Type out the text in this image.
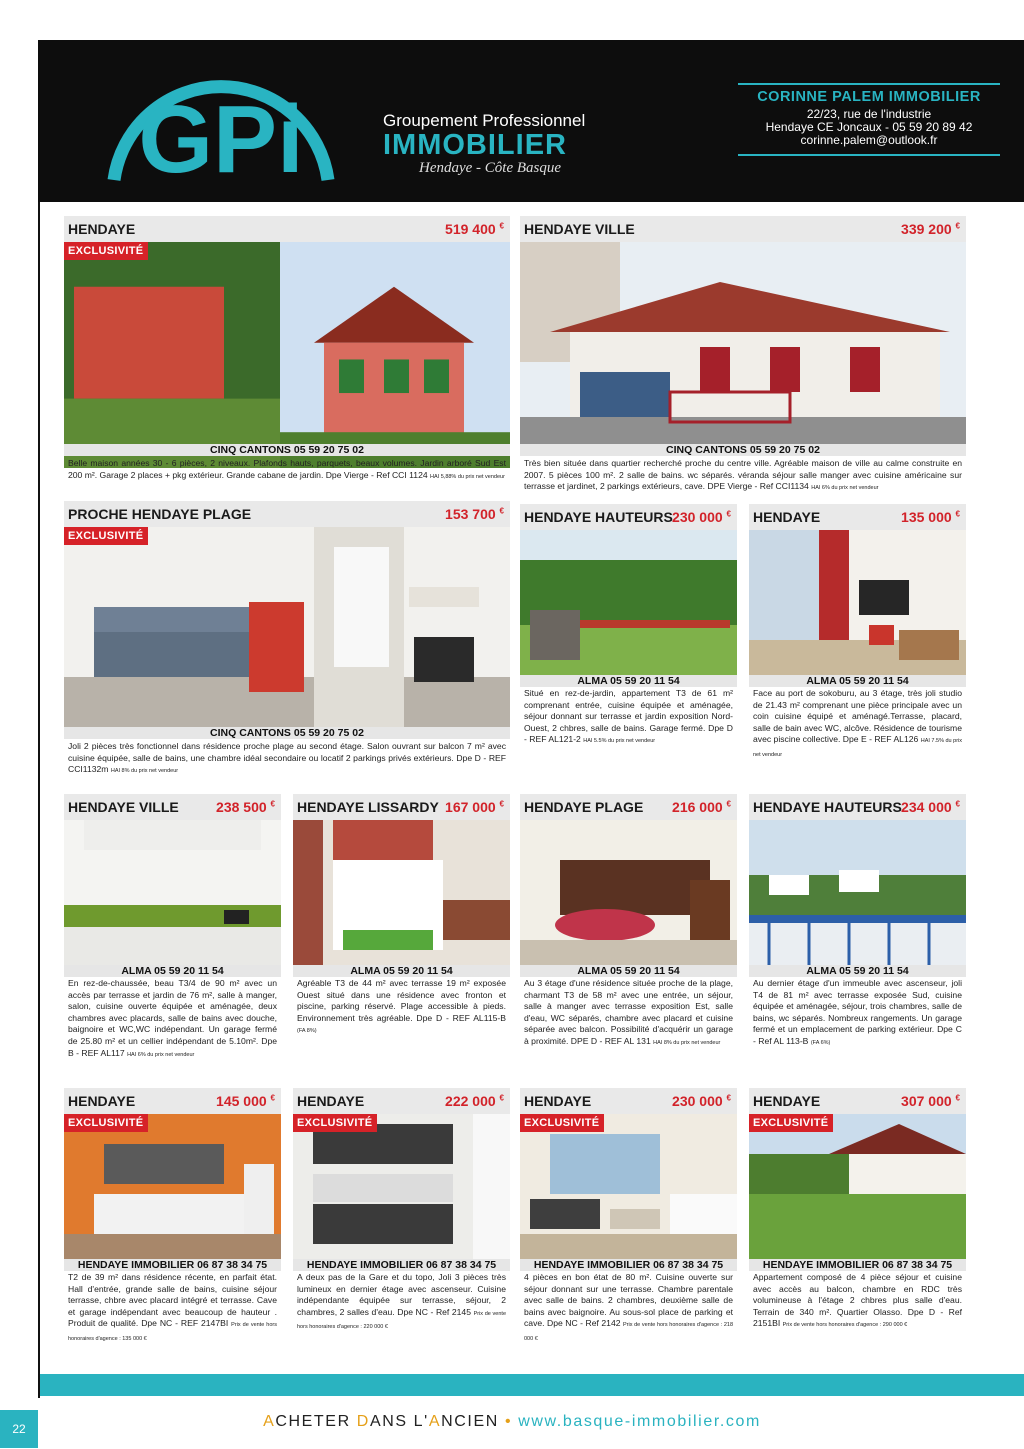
GPi	Groupement Professionnel
IMMOBILIER
Hendaye - Côte Basque
CORINNE PALEM IMMOBILIER
22/23, rue de l'industrie
Hendaye CE Joncaux - 05 59 20 89 42
corinne.palem@outlook.fr
HENDAYE	519 400 €
EXCLUSIVITÉ
CINQ CANTONS 05 59 20 75 02
Belle maison années 30 - 6 pièces, 2 niveaux. Plafonds hauts, parquets, beaux volumes. Jardin arboré Sud Est 200 m². Garage 2 places + pkg extérieur. Grande cabane de jardin. Dpe Vierge - Ref CCI 1124 HAI 5,88% du prix net vendeur
HENDAYE VILLE	339 200 €
CINQ CANTONS 05 59 20 75 02
Très bien située dans quartier recherché proche du centre ville. Agréable maison de ville au calme construite en 2007. 5 pièces 100 m². 2 salle de bains. wc séparés. véranda séjour salle manger avec cuisine américaine sur terrasse et jardinet, 2 parkings extérieurs, cave. DPE Vierge - Ref CCI1134 HAI 6% du prix net vendeur
PROCHE HENDAYE PLAGE	153 700 €
EXCLUSIVITÉ
CINQ CANTONS 05 59 20 75 02
Joli 2 pièces très fonctionnel dans résidence proche plage au second étage. Salon ouvrant sur balcon 7 m² avec cuisine équipée, salle de bains, une chambre idéal secondaire ou locatif 2 parkings privés extérieurs. Dpe D - REF CCI1132m HAI 8% du prix net vendeur
HENDAYE HAUTEURS 230 000 €
ALMA 05 59 20 11 54
Situé en rez-de-jardin, appartement T3 de 61 m² comprenant entrée, cuisine équipée et aménagée, séjour donnant sur terrasse et jardin exposition Nord-Ouest, 2 chbres, salle de bains. Garage fermé. Dpe D - REF AL121-2 HAI 5.5% du prix net vendeur
HENDAYE	135 000 €
ALMA 05 59 20 11 54
Face au port de sokoburu, au 3 étage, très joli studio de 21.43 m² comprenant une pièce principale avec un coin cuisine équipé et aménagé.Terrasse, placard, salle de bain avec WC, alcôve. Résidence de tourisme avec piscine collective. Dpe E - REF AL126 HAI 7.5% du prix net vendeur
HENDAYE VILLE	238 500 €
ALMA 05 59 20 11 54
En rez-de-chaussée, beau T3/4 de 90 m² avec un accès par terrasse et jardin de 76 m², salle à manger, salon, cuisine ouverte équipée et aménagée, deux chambres avec placards, salle de bains avec douche, baignoire et WC,WC indépendant. Un garage fermé de 25.80 m² et un cellier indépendant de 5.10m². Dpe B - REF AL117 HAI 6% du prix net vendeur
HENDAYE LISSARDY 167 000 €
ALMA 05 59 20 11 54
Agréable T3 de 44 m² avec terrasse 19 m² exposée Ouest situé dans une résidence avec fronton et piscine, parking réservé. Plage accessible à pieds. Environnement très agréable. Dpe D - REF AL115-B (FA 8%)
HENDAYE PLAGE 216 000 €
ALMA 05 59 20 11 54
Au 3 étage d'une résidence située proche de la plage, charmant T3 de 58 m² avec une entrée, un séjour, salle à manger avec terrasse exposition Est, salle d'eau, WC séparés, chambre avec placard et cuisine séparée avec balcon. Possibilité d'acquérir un garage à proximité. DPE D - REF AL 131 HAI 8% du prix net vendeur
HENDAYE HAUTEURS 234 000 €
ALMA 05 59 20 11 54
Au dernier étage d'un immeuble avec ascenseur, joli T4 de 81 m² avec terrasse exposée Sud, cuisine équipée et aménagée, séjour, trois chambres, salle de bains, wc séparés. Nombreux rangements. Un garage fermé et un emplacement de parking extérieur. Dpe C - Ref AL 113-B (FA 6%)
HENDAYE	145 000 €
EXCLUSIVITÉ
HENDAYE IMMOBILIER 06 87 38 34 75
T2 de 39 m² dans résidence récente, en parfait état. Hall d'entrée, grande salle de bains, cuisine séjour terrasse, chbre avec placard intégré et terrasse. Cave et garage indépendant avec beaucoup de hauteur . Produit de qualité. Dpe NC - REF 2147BI Prix de vente hors honoraires d'agence : 135 000 €
HENDAYE	222 000 €
EXCLUSIVITÉ
HENDAYE IMMOBILIER 06 87 38 34 75
A deux pas de la Gare et du topo, Joli 3 pièces très lumineux en dernier étage avec ascenseur. Cuisine indépendante équipée sur terrasse, séjour, 2 chambres, 2 salles d'eau. Dpe NC - Ref 2145 Prix de vente hors honoraires d'agence : 220 000 €
HENDAYE	230 000 €
EXCLUSIVITÉ
HENDAYE IMMOBILIER 06 87 38 34 75
4 pièces en bon état de 80 m². Cuisine ouverte sur séjour donnant sur une terrasse. Chambre parentale avec salle de bains. 2 chambres, deuxième salle de bains avec baignoire. Au sous-sol place de parking et cave. Dpe NC - Ref 2142 Prix de vente hors honoraires d'agence : 218 000 €
HENDAYE	307 000 €
EXCLUSIVITÉ
HENDAYE IMMOBILIER 06 87 38 34 75
Appartement composé de 4 pièce séjour et cuisine avec accès au balcon, chambre en RDC très volumineuse à l'étage 2 chbres plus salle d'eau. Terrain de 340 m². Quartier Olasso. Dpe D - Ref 2151BI Prix de vente hors honoraires d'agence : 290 000 €
22	ACHETER DANS L'ANCIEN • www.basque-immobilier.com
